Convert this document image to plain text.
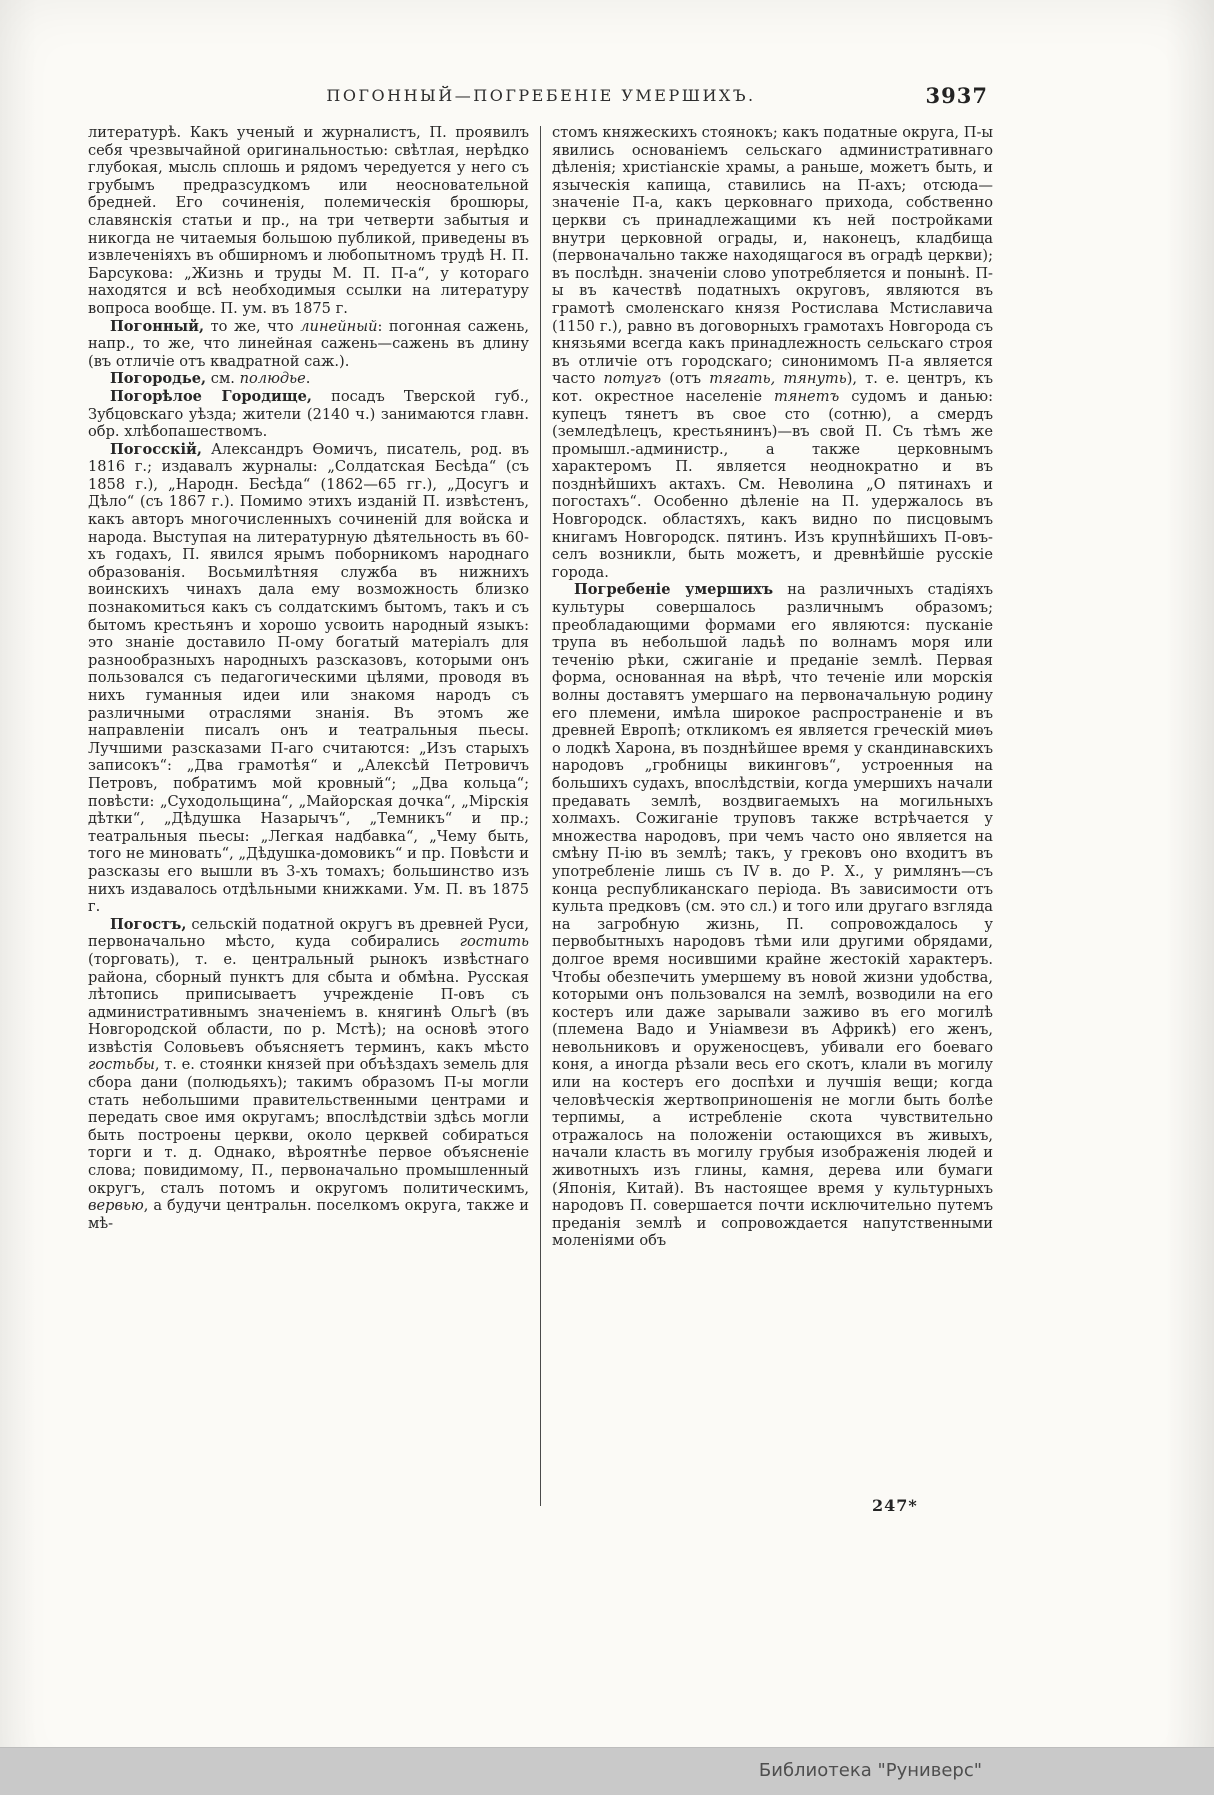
ПОГОННЫЙ—ПОГРЕБЕНІЕ УМЕРШИХЪ.	3937

литературѣ. Какъ ученый и журналистъ, П. проявилъ себя чрезвычайной оригинальностью: свѣтлая, нерѣдко глубокая, мысль сплошь и рядомъ чередуется у него съ грубымъ предразсудкомъ или неосновательной бредней. Его сочиненія, полемическія брошюры, славянскія статьи и пр., на три четверти забытыя и никогда не читаемыя большою публикой, приведены въ извлеченіяхъ въ обширномъ и любопытномъ трудѣ Н. П. Барсукова: „Жизнь и труды М. П. П-а“, у котораго находятся и всѣ необходимыя ссылки на литературу вопроса вообще. П. ум. въ 1875 г.

Погонный, то же, что линейный: погонная сажень, напр., то же, что линейная сажень—сажень въ длину (въ отличіе отъ квадратной саж.).

Погородье, см. полюдье.

Погорѣлое Городище, посадъ Тверской губ., Зубцовскаго уѣзда; жители (2140 ч.) занимаются главн. обр. хлѣбопашествомъ.

Погосскій, Александръ Ѳомичъ, писатель, род. въ 1816 г.; издавалъ журналы: „Солдатская Бесѣда“ (съ 1858 г.), „Народн. Бесѣда“ (1862—65 гг.), „Досугъ и Дѣло“ (съ 1867 г.). Помимо этихъ изданій П. извѣстенъ, какъ авторъ многочисленныхъ сочиненій для войска и народа. Выступая на литературную дѣятельность въ 60-хъ годахъ, П. явился ярымъ поборникомъ народнаго образованія. Восьмилѣтняя служба въ нижнихъ воинскихъ чинахъ дала ему возможность близко познакомиться какъ съ солдатскимъ бытомъ, такъ и съ бытомъ крестьянъ и хорошо усвоить народный языкъ: это знаніе доставило П-ому богатый матеріалъ для разнообразныхъ народныхъ разсказовъ, которыми онъ пользовался съ педагогическими цѣлями, проводя въ нихъ гуманныя идеи или знакомя народъ съ различными отраслями знанія. Въ этомъ же направленіи писалъ онъ и театральныя пьесы. Лучшими разсказами П-аго считаются: „Изъ старыхъ записокъ“: „Два грамотѣя“ и „Алексѣй Петровичъ Петровъ, побратимъ мой кровный“; „Два кольца“; повѣсти: „Суходольщина“, „Майорская дочка“, „Мірскія дѣтки“, „Дѣдушка Назарычъ“, „Темникъ“ и пр.; театральныя пьесы: „Легкая надбавка“, „Чему быть, того не миновать“, „Дѣдушка-домовикъ“ и пр. Повѣсти и разсказы его вышли въ 3-хъ томахъ; большинство изъ нихъ издавалось отдѣльными книжками. Ум. П. въ 1875 г.

Погостъ, сельскій податной округъ въ древней Руси, первоначально мѣсто, куда собирались гостить (торговать), т. е. центральный рынокъ извѣстнаго района, сборный пунктъ для сбыта и обмѣна. Русская лѣтопись приписываетъ учрежденіе П-овъ съ административнымъ значеніемъ в. княгинѣ Ольгѣ (въ Новгородской области, по р. Мстѣ); на основѣ этого извѣстія Соловьевъ объясняетъ терминъ, какъ мѣсто гостьбы, т. е. стоянки князей при объѣздахъ земель для сбора дани (полюдьяхъ); такимъ образомъ П-ы могли стать небольшими правительственными центрами и передать свое имя округамъ; впослѣдствіи здѣсь могли быть построены церкви, около церквей собираться торги и т. д. Однако, вѣроятнѣе первое объясненіе слова; повидимому, П., первоначально промышленный округъ, сталъ потомъ и округомъ политическимъ, вервью, а будучи центральн. поселкомъ округа, также и мѣ-

стомъ княжескихъ стоянокъ; какъ податные округа, П-ы явились основаніемъ сельскаго административнаго дѣленія; христіанскіе храмы, а раньше, можетъ быть, и языческія капища, ставились на П-ахъ; отсюда—значеніе П-а, какъ церковнаго прихода, собственно церкви съ принадлежащими къ ней постройками внутри церковной ограды, и, наконецъ, кладбища (первоначально также находящагося въ оградѣ церкви); въ послѣдн. значеніи слово употребляется и понынѣ. П-ы въ качествѣ податныхъ округовъ, являются въ грамотѣ смоленскаго князя Ростислава Мстиславича (1150 г.), равно въ договорныхъ грамотахъ Новгорода съ князьями всегда какъ принадлежность сельскаго строя въ отличіе отъ городскаго; синонимомъ П-а является часто потугъ (отъ тягать, тянуть), т. е. центръ, къ кот. окрестное населеніе тянетъ судомъ и данью: купецъ тянетъ въ свое сто (сотню), а смердъ (земледѣлецъ, крестьянинъ)—въ свой П. Съ тѣмъ же промышл.-администр., а также церковнымъ характеромъ П. является неоднократно и въ позднѣйшихъ актахъ. См. Неволина „О пятинахъ и погостахъ“. Особенно дѣленіе на П. удержалось въ Новгородск. областяхъ, какъ видно по писцовымъ книгамъ Новгородск. пятинъ. Изъ крупнѣйшихъ П-овъ-селъ возникли, быть можетъ, и древнѣйшіе русскіе города.

Погребеніе умершихъ на различныхъ стадіяхъ культуры совершалось различнымъ образомъ; преобладающими формами его являются: пусканіе трупа въ небольшой ладьѣ по волнамъ моря или теченію рѣки, сжиганіе и преданіе землѣ. Первая форма, основанная на вѣрѣ, что теченіе или морскія волны доставятъ умершаго на первоначальную родину его племени, имѣла широкое распространеніе и въ древней Европѣ; откликомъ ея является греческій миѳъ о лодкѣ Харона, въ позднѣйшее время у скандинавскихъ народовъ „гробницы викинговъ“, устроенныя на большихъ судахъ, впослѣдствіи, когда умершихъ начали предавать землѣ, воздвигаемыхъ на могильныхъ холмахъ. Сожиганіе труповъ также встрѣчается у множества народовъ, при чемъ часто оно является на смѣну П-ію въ землѣ; такъ, у грековъ оно входитъ въ употребленіе лишь съ IV в. до Р. Х., у римлянъ—съ конца республиканскаго періода. Въ зависимости отъ культа предковъ (см. это сл.) и того или другаго взгляда на загробную жизнь, П. сопровождалось у первобытныхъ народовъ тѣми или другими обрядами, долгое время носившими крайне жестокій характеръ. Чтобы обезпечить умершему въ новой жизни удобства, которыми онъ пользовался на землѣ, возводили на его костеръ или даже зарывали заживо въ его могилѣ (племена Вадо и Уніамвези въ Африкѣ) его женъ, невольниковъ и оруженосцевъ, убивали его боеваго коня, а иногда рѣзали весь его скотъ, клали въ могилу или на костеръ его доспѣхи и лучшія вещи; когда человѣческія жертвоприношенія не могли быть болѣе терпимы, а истребленіе скота чувствительно отражалось на положеніи остающихся въ живыхъ, начали класть въ могилу грубыя изображенія людей и животныхъ изъ глины, камня, дерева или бумаги (Японія, Китай). Въ настоящее время у культурныхъ народовъ П. совершается почти исключительно путемъ преданія землѣ и сопровождается напутственными моленіями объ

247*
Библиотека "Руниверс"
